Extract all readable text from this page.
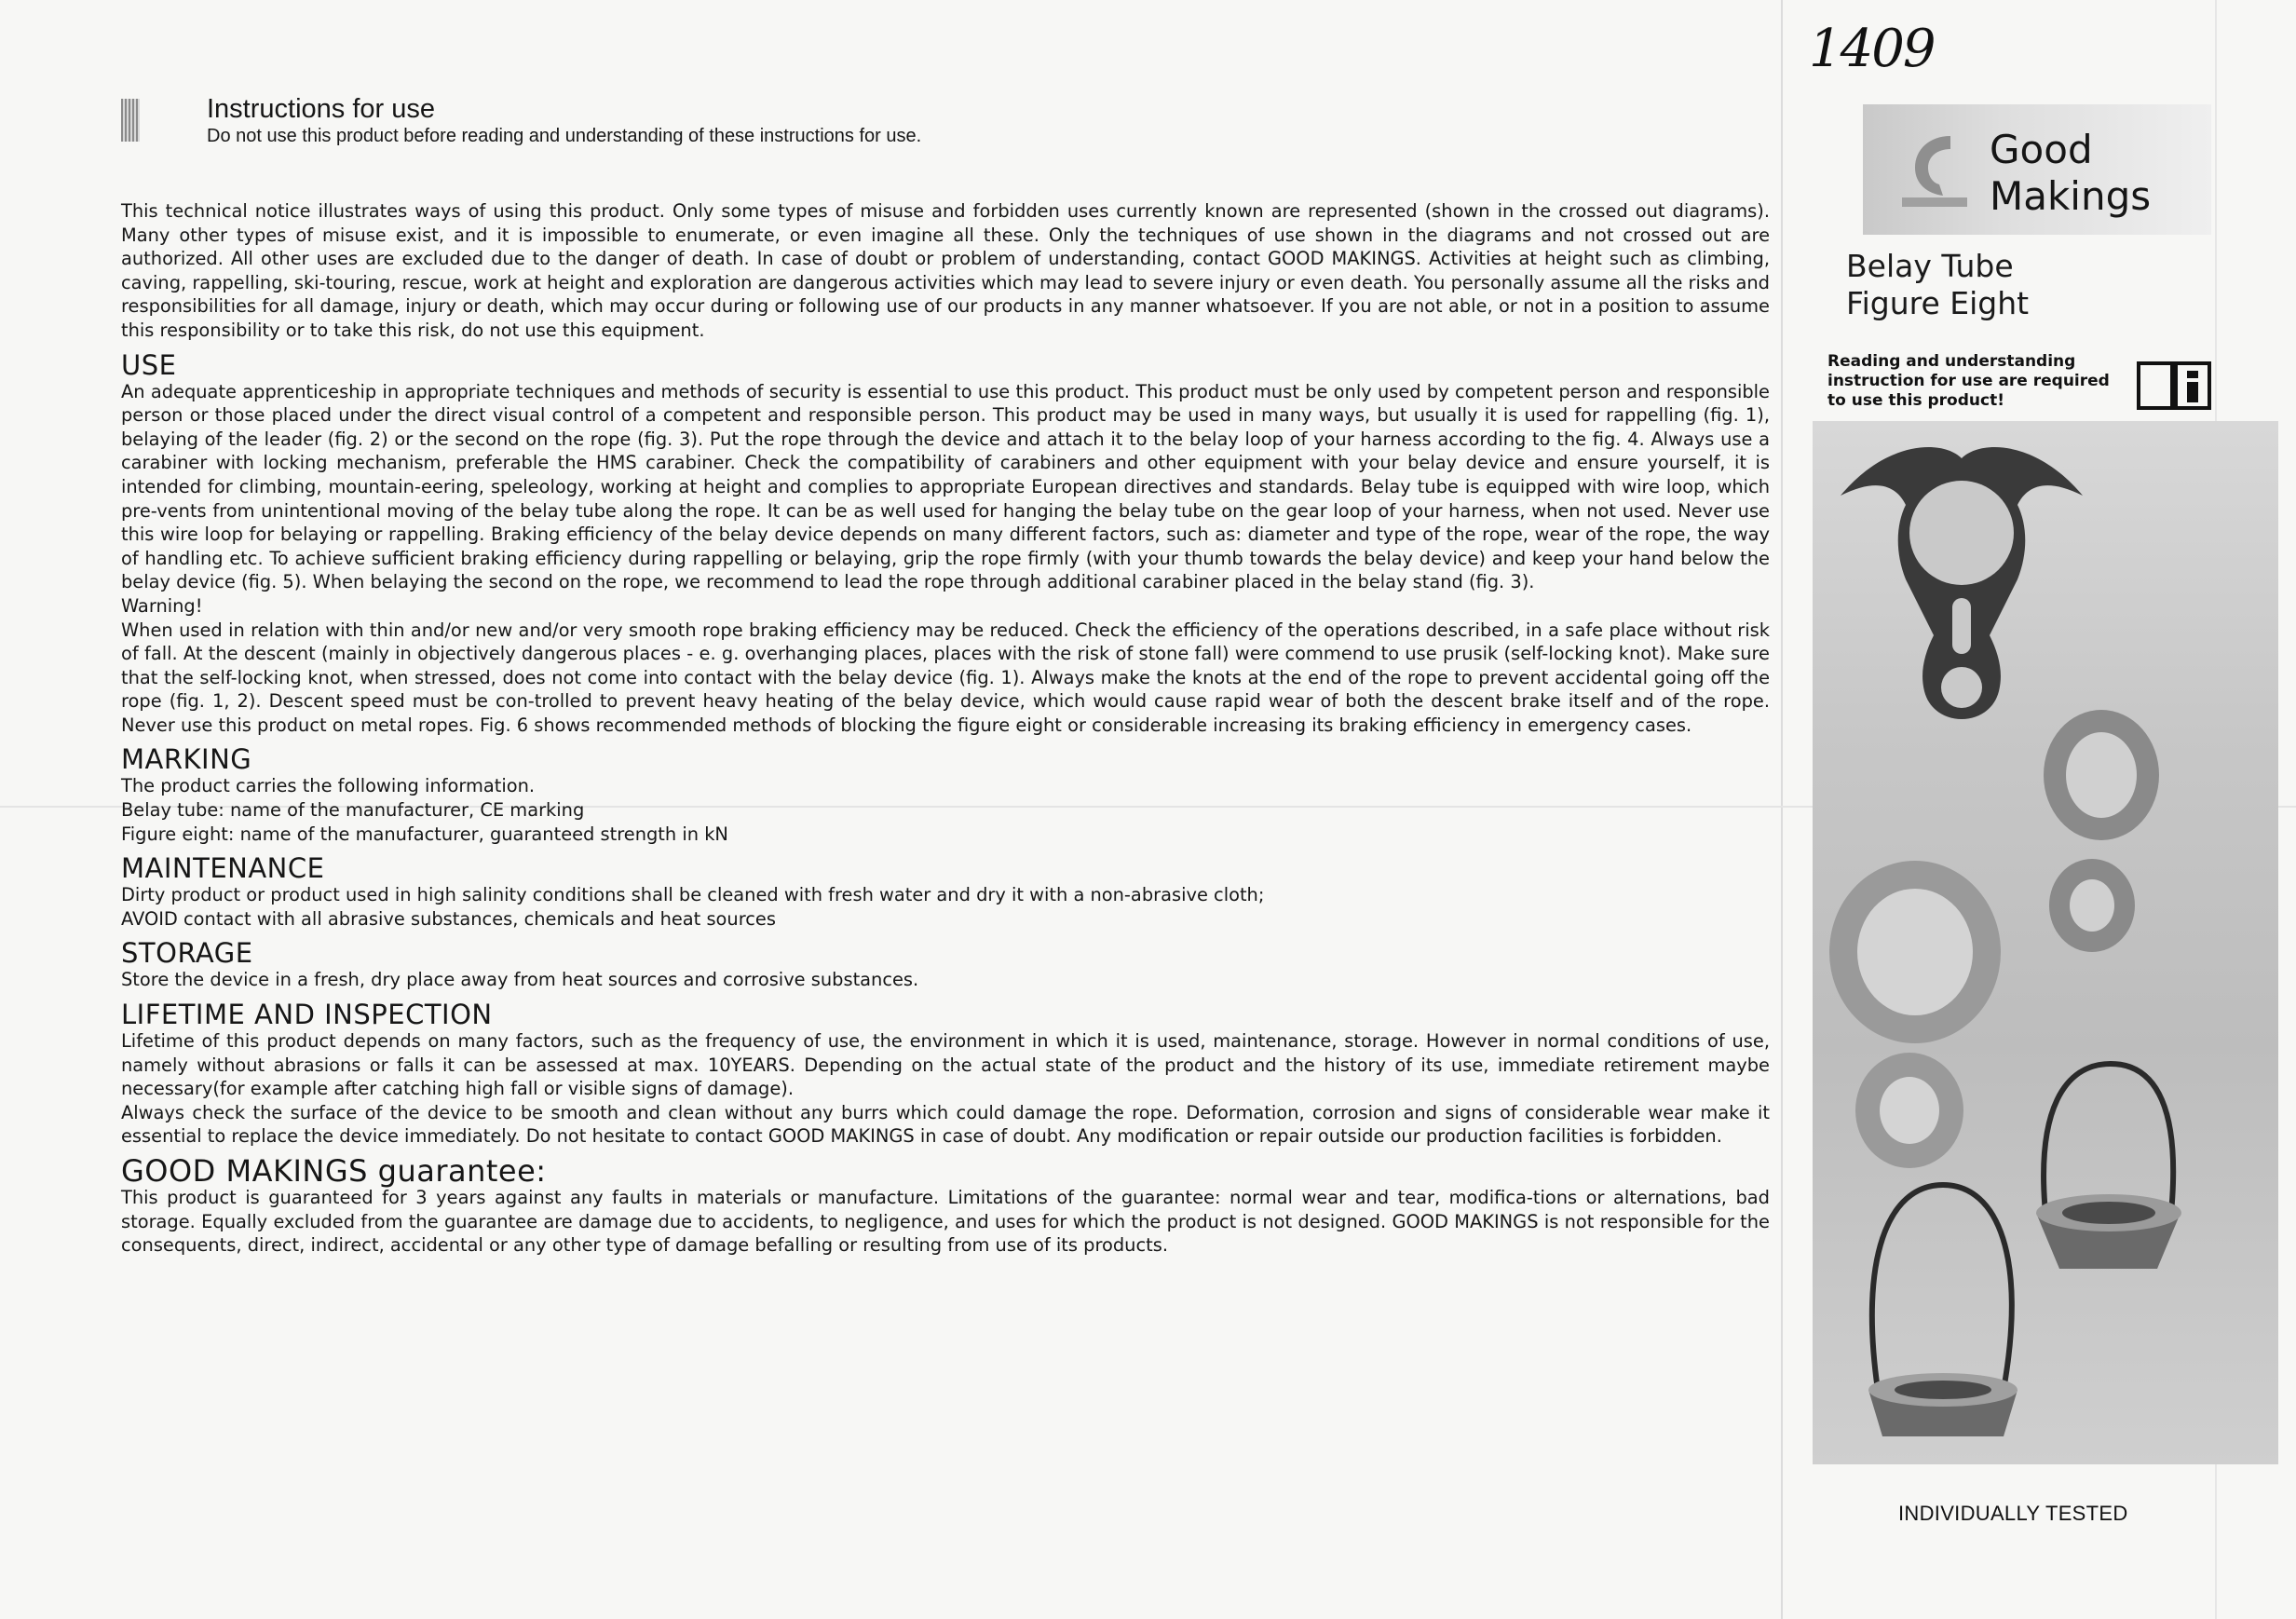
Instructions for use
Do not use this product before reading and understanding of these instructions for use.
This technical notice illustrates ways of using this product. Only some types of misuse and forbidden uses currently known are represented (shown in the crossed out diagrams). Many other types of misuse exist, and it is impossible to enumerate, or even imagine all these. Only the techniques of use shown in the diagrams and not crossed out are authorized. All other uses are excluded due to the danger of death. In case of doubt or problem of understanding, contact GOOD MAKINGS. Activities at height such as climbing, caving, rappelling, ski-touring, rescue, work at height and exploration are dangerous activities which may lead to severe injury or even death. You personally assume all the risks and responsibilities for all damage, injury or death, which may occur during or following use of our products in any manner whatsoever. If you are not able, or not in a position to assume this responsibility or to take this risk, do not use this equipment.
USE
An adequate apprenticeship in appropriate techniques and methods of security is essential to use this product. This product must be only used by competent person and responsible person or those placed under the direct visual control of a competent and responsible person. This product may be used in many ways, but usually it is used for rappelling (fig. 1), belaying of the leader (fig. 2) or the second on the rope (fig. 3). Put the rope through the device and attach it to the belay loop of your harness according to the fig. 4. Always use a carabiner with locking mechanism, preferable the HMS carabiner. Check the compatibility of carabiners and other equipment with your belay device and ensure yourself, it is intended for climbing, mountain-eering, speleology, working at height and complies to appropriate European directives and standards. Belay tube is equipped with wire loop, which pre-vents from unintentional moving of the belay tube along the rope. It can be as well used for hanging the belay tube on the gear loop of your harness, when not used. Never use this wire loop for belaying or rappelling. Braking efficiency of the belay device depends on many different factors, such as: diameter and type of the rope, wear of the rope, the way of handling etc. To achieve sufficient braking efficiency during rappelling or belaying, grip the rope firmly (with your thumb towards the belay device) and keep your hand below the belay device (fig. 5). When belaying the second on the rope, we recommend to lead the rope through additional carabiner placed in the belay stand (fig. 3).
Warning!
When used in relation with thin and/or new and/or very smooth rope braking efficiency may be reduced. Check the efficiency of the operations described, in a safe place without risk of fall. At the descent (mainly in objectively dangerous places - e. g. overhanging places, places with the risk of stone fall) were commend to use prusik (self-locking knot). Make sure that the self-locking knot, when stressed, does not come into contact with the belay device (fig. 1). Always make the knots at the end of the rope to prevent accidental going off the rope (fig. 1, 2). Descent speed must be con-trolled to prevent heavy heating of the belay device, which would cause rapid wear of both the descent brake itself and of the rope. Never use this product on metal ropes. Fig. 6 shows recommended methods of blocking the figure eight or considerable increasing its braking efficiency in emergency cases.
MARKING
The product carries the following information.
Belay tube: name of the manufacturer, CE marking
Figure eight: name of the manufacturer, guaranteed strength in kN
MAINTENANCE
Dirty product or product used in high salinity conditions shall be cleaned with fresh water and dry it with a non-abrasive cloth;
AVOID contact with all abrasive substances, chemicals and heat sources
STORAGE
Store the device in a fresh, dry place away from heat sources and corrosive substances.
LIFETIME AND INSPECTION
Lifetime of this product depends on many factors, such as the frequency of use, the environment in which it is used, maintenance, storage. However in normal conditions of use, namely without abrasions or falls it can be assessed at max. 10YEARS. Depending on the actual state of the product and the history of its use, immediate retirement maybe necessary(for example after catching high fall or visible signs of damage).
Always check the surface of the device to be smooth and clean without any burrs which could damage the rope. Deformation, corrosion and signs of considerable wear make it essential to replace the device immediately. Do not hesitate to contact GOOD MAKINGS in case of doubt. Any modification or repair outside our production facilities is forbidden.
GOOD MAKINGS guarantee:
This product is guaranteed for 3 years against any faults in materials or manufacture. Limitations of the guarantee: normal wear and tear, modifica-tions or alternations, bad storage. Equally excluded from the guarantee are damage due to accidents, to negligence, and uses for which the product is not designed. GOOD MAKINGS is not responsible for the consequents, direct, indirect, accidental or any other type of damage befalling or resulting from use of its products.
1409
Good
Makings
Belay Tube
Figure Eight
Reading and understanding instruction for use are required to use this product!
INDIVIDUALLY TESTED
